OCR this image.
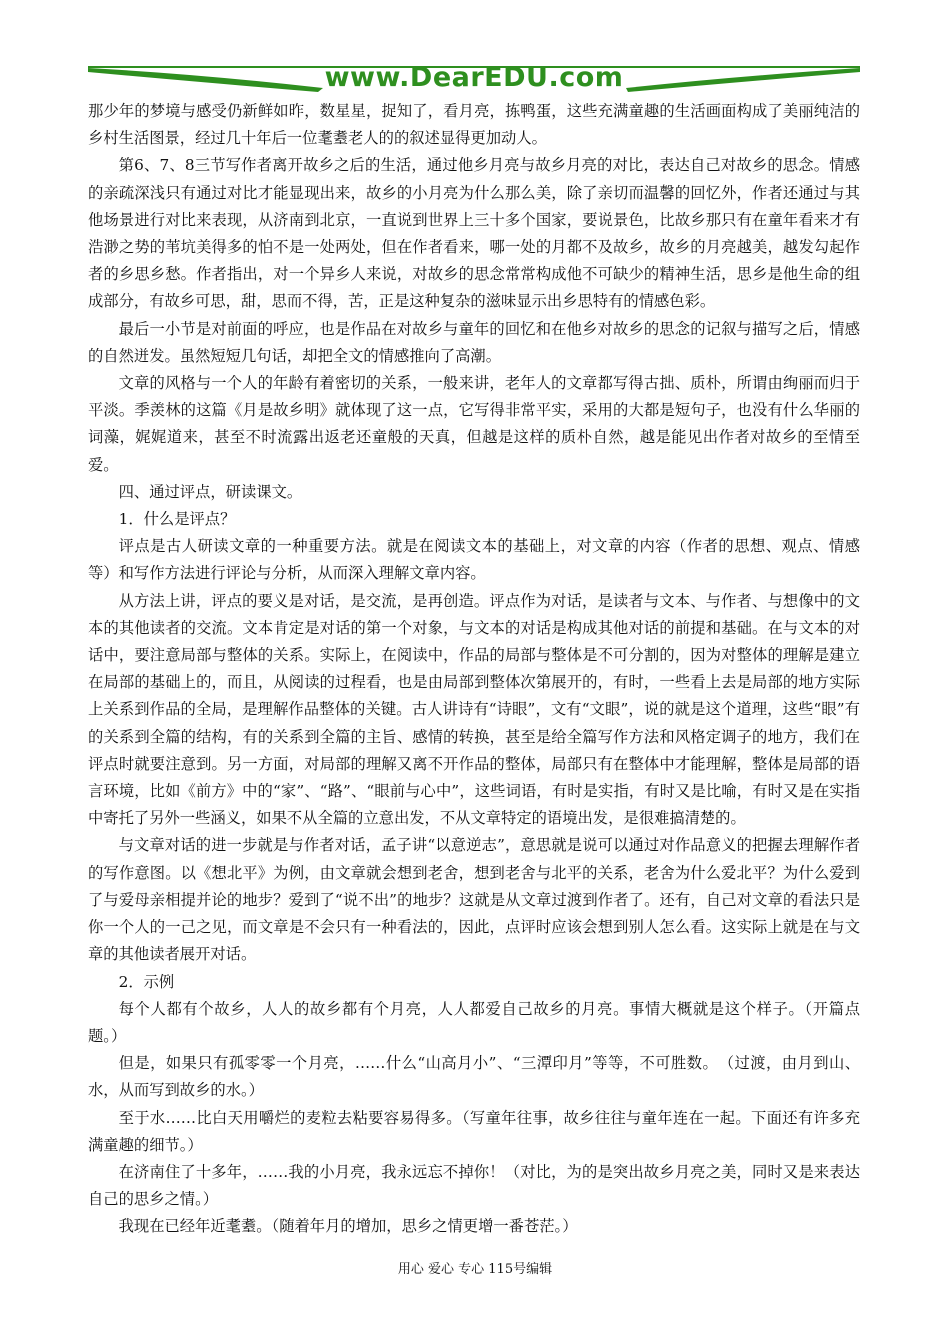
www.DearEDU.com

那少年的梦境与感受仍新鲜如昨，数星星，捉知了，看月亮，拣鸭蛋，这些充满童趣的生活画面构成了美丽纯洁的乡村生活图景，经过几十年后一位耄耋老人的的叙述显得更加动人。

第6、7、8三节写作者离开故乡之后的生活，通过他乡月亮与故乡月亮的对比，表达自己对故乡的思念。情感的亲疏深浅只有通过对比才能显现出来，故乡的小月亮为什么那么美，除了亲切而温馨的回忆外，作者还通过与其他场景进行对比来表现，从济南到北京，一直说到世界上三十多个国家，要说景色，比故乡那只有在童年看来才有浩渺之势的苇坑美得多的怕不是一处两处，但在作者看来，哪一处的月都不及故乡，故乡的月亮越美，越发勾起作者的乡思乡愁。作者指出，对一个异乡人来说，对故乡的思念常常构成他不可缺少的精神生活，思乡是他生命的组成部分，有故乡可思，甜，思而不得，苦，正是这种复杂的滋味显示出乡思特有的情感色彩。

最后一小节是对前面的呼应，也是作品在对故乡与童年的回忆和在他乡对故乡的思念的记叙与描写之后，情感的自然迸发。虽然短短几句话，却把全文的情感推向了高潮。

文章的风格与一个人的年龄有着密切的关系，一般来讲，老年人的文章都写得古拙、质朴，所谓由绚丽而归于平淡。季羡林的这篇《月是故乡明》就体现了这一点，它写得非常平实，采用的大都是短句子，也没有什么华丽的词藻，娓娓道来，甚至不时流露出返老还童般的天真，但越是这样的质朴自然，越是能见出作者对故乡的至情至爱。

四、通过评点，研读课文。

1．什么是评点？

评点是古人研读文章的一种重要方法。就是在阅读文本的基础上，对文章的内容（作者的思想、观点、情感等）和写作方法进行评论与分析，从而深入理解文章内容。

从方法上讲，评点的要义是对话，是交流，是再创造。评点作为对话，是读者与文本、与作者、与想像中的文本的其他读者的交流。文本肯定是对话的第一个对象，与文本的对话是构成其他对话的前提和基础。在与文本的对话中，要注意局部与整体的关系。实际上，在阅读中，作品的局部与整体是不可分割的，因为对整体的理解是建立在局部的基础上的，而且，从阅读的过程看，也是由局部到整体次第展开的，有时，一些看上去是局部的地方实际上关系到作品的全局，是理解作品整体的关键。古人讲诗有“诗眼”，文有“文眼”，说的就是这个道理，这些“眼”有的关系到全篇的结构，有的关系到全篇的主旨、感情的转换，甚至是给全篇写作方法和风格定调子的地方，我们在评点时就要注意到。另一方面，对局部的理解又离不开作品的整体，局部只有在整体中才能理解，整体是局部的语言环境，比如《前方》中的“家”、“路”、“眼前与心中”，这些词语，有时是实指，有时又是比喻，有时又是在实指中寄托了另外一些涵义，如果不从全篇的立意出发，不从文章特定的语境出发，是很难搞清楚的。

与文章对话的进一步就是与作者对话，孟子讲“以意逆志”，意思就是说可以通过对作品意义的把握去理解作者的写作意图。以《想北平》为例，由文章就会想到老舍，想到老舍与北平的关系，老舍为什么爱北平？为什么爱到了与爱母亲相提并论的地步？爱到了“说不出”的地步？这就是从文章过渡到作者了。还有，自己对文章的看法只是你一个人的一己之见，而文章是不会只有一种看法的，因此，点评时应该会想到别人怎么看。这实际上就是在与文章的其他读者展开对话。

2．示例

每个人都有个故乡，人人的故乡都有个月亮，人人都爱自己故乡的月亮。事情大概就是这个样子。（开篇点题。）

但是，如果只有孤零零一个月亮，……什么“山高月小”、“三潭印月”等等，不可胜数。　（过渡，由月到山、水，从而写到故乡的水。）

至于水……比白天用嚼烂的麦粒去粘要容易得多。（写童年往事，故乡往往与童年连在一起。下面还有许多充满童趣的细节。）

在济南住了十多年，……我的小月亮，我永远忘不掉你！（对比，为的是突出故乡月亮之美，同时又是来表达自己的思乡之情。）

我现在已经年近耄耋。（随着年月的增加，思乡之情更增一番苍茫。）

用心 爱心 专心 115号编辑
